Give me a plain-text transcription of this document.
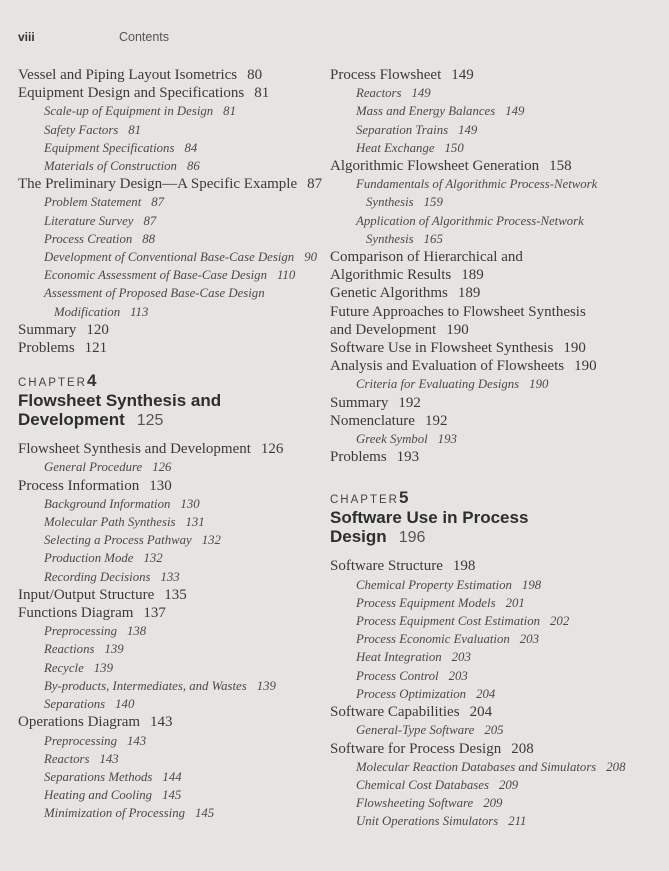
viii	Contents
Vessel and Piping Layout Isometrics 80
Equipment Design and Specifications 81
Scale-up of Equipment in Design 81
Safety Factors 81
Equipment Specifications 84
Materials of Construction 86
The Preliminary Design—A Specific Example 87
Problem Statement 87
Literature Survey 87
Process Creation 88
Development of Conventional Base-Case Design 90
Economic Assessment of Base-Case Design 110
Assessment of Proposed Base-Case Design
Modification 113
Summary 120
Problems 121
CHAPTER4
Flowsheet Synthesis and
Development 125
Flowsheet Synthesis and Development 126
General Procedure 126
Process Information 130
Background Information 130
Molecular Path Synthesis 131
Selecting a Process Pathway 132
Production Mode 132
Recording Decisions 133
Input/Output Structure 135
Functions Diagram 137
Preprocessing 138
Reactions 139
Recycle 139
By-products, Intermediates, and Wastes 139
Separations 140
Operations Diagram 143
Preprocessing 143
Reactors 143
Separations Methods 144
Heating and Cooling 145
Minimization of Processing 145
Process Flowsheet 149
Reactors 149
Mass and Energy Balances 149
Separation Trains 149
Heat Exchange 150
Algorithmic Flowsheet Generation 158
Fundamentals of Algorithmic Process-Network
Synthesis 159
Application of Algorithmic Process-Network
Synthesis 165
Comparison of Hierarchical and
Algorithmic Results 189
Genetic Algorithms 189
Future Approaches to Flowsheet Synthesis
and Development 190
Software Use in Flowsheet Synthesis 190
Analysis and Evaluation of Flowsheets 190
Criteria for Evaluating Designs 190
Summary 192
Nomenclature 192
Greek Symbol 193
Problems 193
CHAPTER5
Software Use in Process
Design 196
Software Structure 198
Chemical Property Estimation 198
Process Equipment Models 201
Process Equipment Cost Estimation 202
Process Economic Evaluation 203
Heat Integration 203
Process Control 203
Process Optimization 204
Software Capabilities 204
General-Type Software 205
Software for Process Design 208
Molecular Reaction Databases and Simulators 208
Chemical Cost Databases 209
Flowsheeting Software 209
Unit Operations Simulators 211
